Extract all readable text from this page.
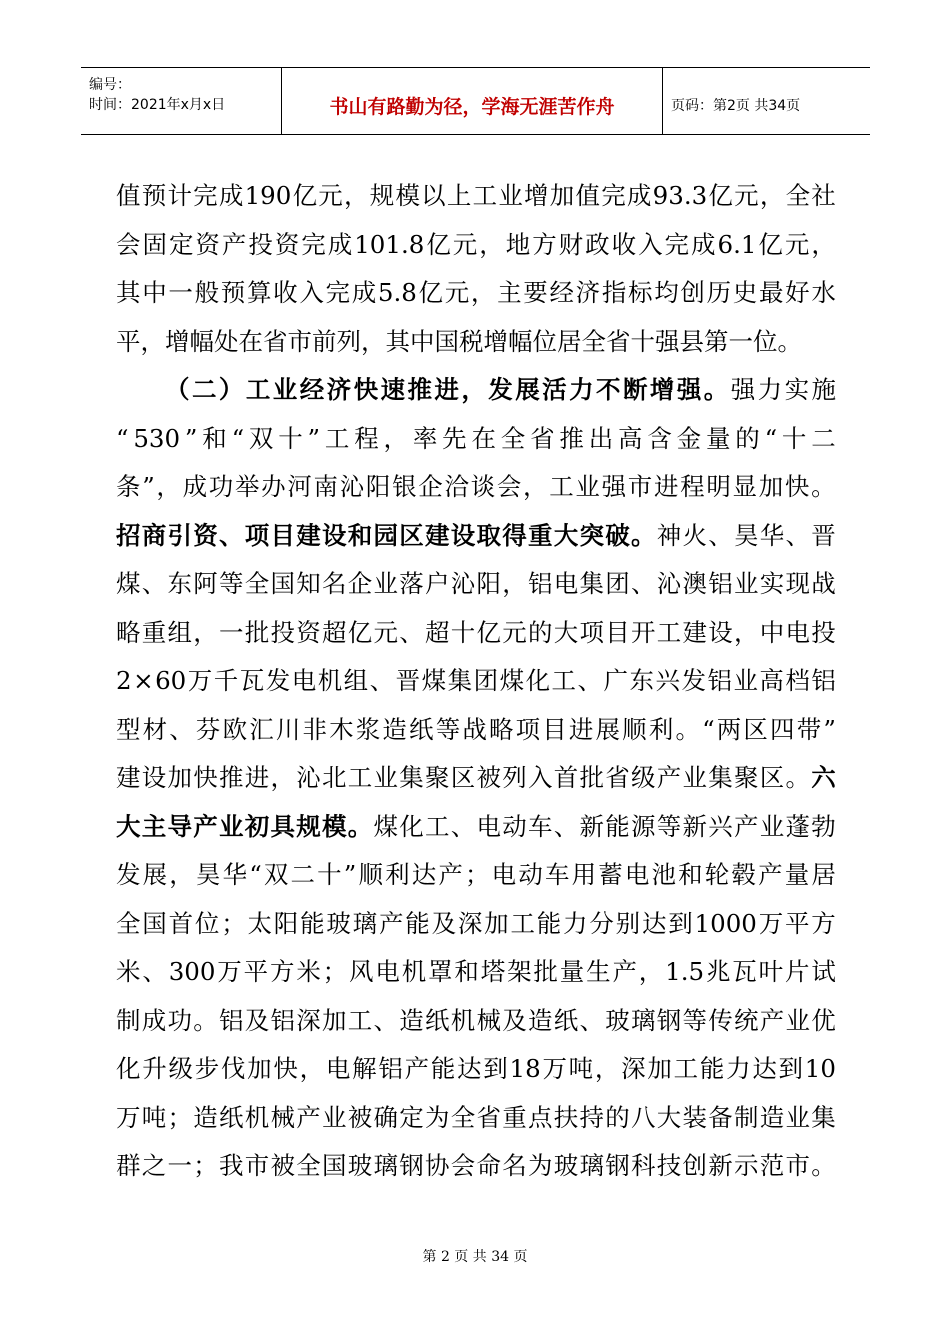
编号：
时间：2021年x月x日	书山有路勤为径，学海无涯苦作舟	页码：第2页 共34页
值 预 计 完 成 190 亿 元 ， 规 模 以 上 工 业 增 加 值 完 成 93.3 亿 元 ， 全 社
会 固 定 资 产 投 资 完 成 101.8 亿 元 ， 地 方 财 政 收 入 完 成 6.1 亿 元 ，
其 中 一 般 预 算 收 入 完 成 5.8 亿 元 ， 主 要 经 济 指 标 均 创 历 史 最 好 水
平 ， 增 幅 处 在 省 市 前 列 ， 其 中 国 税 增 幅 位 居 全 省 十 强 县 第 一 位 。
（ 二 ） 工 业 经 济 快 速 推 进 ， 发 展 活 力 不 断 增 强 。 强 力 实 施
“ 530 ” 和 “ 双 十 ” 工 程 ， 率 先 在 全 省 推 出 高 含 金 量 的 “ 十 二
条 ” ， 成 功 举 办 河 南 沁 阳 银 企 洽 谈 会 ， 工 业 强 市 进 程 明 显 加 快 。
招 商 引 资 、 项 目 建 设 和 园 区 建 设 取 得 重 大 突 破 。 神 火 、 昊 华 、 晋
煤 、 东 阿 等 全 国 知 名 企 业 落 户 沁 阳 ， 铝 电 集 团 、 沁 澳 铝 业 实 现 战
略 重 组 ， 一 批 投 资 超 亿 元 、 超 十 亿 元 的 大 项 目 开 工 建 设 ， 中 电 投
2 × 60 万 千 瓦 发 电 机 组 、 晋 煤 集 团 煤 化 工 、 广 东 兴 发 铝 业 高 档 铝
型 材 、 芬 欧 汇 川 非 木 浆 造 纸 等 战 略 项 目 进 展 顺 利 。 “ 两 区 四 带 ”
建 设 加 快 推 进 ， 沁 北 工 业 集 聚 区 被 列 入 首 批 省 级 产 业 集 聚 区 。 六
大 主 导 产 业 初 具 规 模 。 煤 化 工 、 电 动 车 、 新 能 源 等 新 兴 产 业 蓬 勃
发 展 ， 昊 华 “ 双 二 十 ” 顺 利 达 产 ； 电 动 车 用 蓄 电 池 和 轮 毂 产 量 居
全 国 首 位 ； 太 阳 能 玻 璃 产 能 及 深 加 工 能 力 分 别 达 到 1000 万 平 方
米 、 300 万 平 方 米 ； 风 电 机 罩 和 塔 架 批 量 生 产 ， 1.5 兆 瓦 叶 片 试
制 成 功 。 铝 及 铝 深 加 工 、 造 纸 机 械 及 造 纸 、 玻 璃 钢 等 传 统 产 业 优
化 升 级 步 伐 加 快 ， 电 解 铝 产 能 达 到 18 万 吨 ， 深 加 工 能 力 达 到 10
万 吨 ； 造 纸 机 械 产 业 被 确 定 为 全 省 重 点 扶 持 的 八 大 装 备 制 造 业 集
群 之 一 ； 我 市 被 全 国 玻 璃 钢 协 会 命 名 为 玻 璃 钢 科 技 创 新 示 范 市 。
第 2 页 共 34 页
